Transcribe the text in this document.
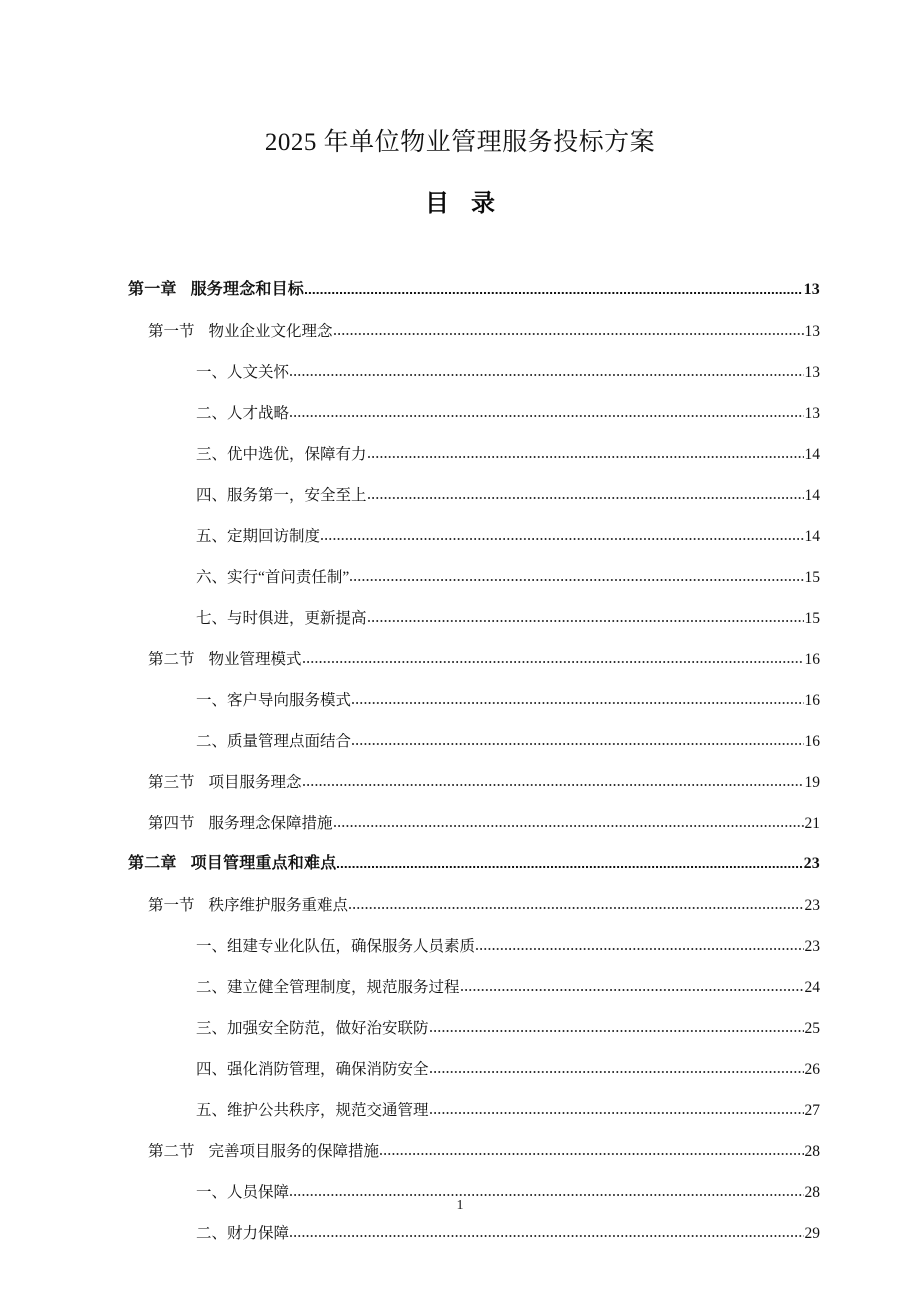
2025 年单位物业管理服务投标方案
目 录
第一章 服务理念和目标	13
第一节 物业企业文化理念	13
一、人文关怀	13
二、人才战略	13
三、优中选优，保障有力	14
四、服务第一，安全至上	14
五、定期回访制度	14
六、实行“首问责任制”	15
七、与时俱进，更新提高	15
第二节 物业管理模式	16
一、客户导向服务模式	16
二、质量管理点面结合	16
第三节 项目服务理念	19
第四节 服务理念保障措施	21
第二章 项目管理重点和难点	23
第一节 秩序维护服务重难点	23
一、组建专业化队伍，确保服务人员素质	23
二、建立健全管理制度，规范服务过程	24
三、加强安全防范，做好治安联防	25
四、强化消防管理，确保消防安全	26
五、维护公共秩序，规范交通管理	27
第二节 完善项目服务的保障措施	28
一、人员保障	28
二、财力保障	29
1
